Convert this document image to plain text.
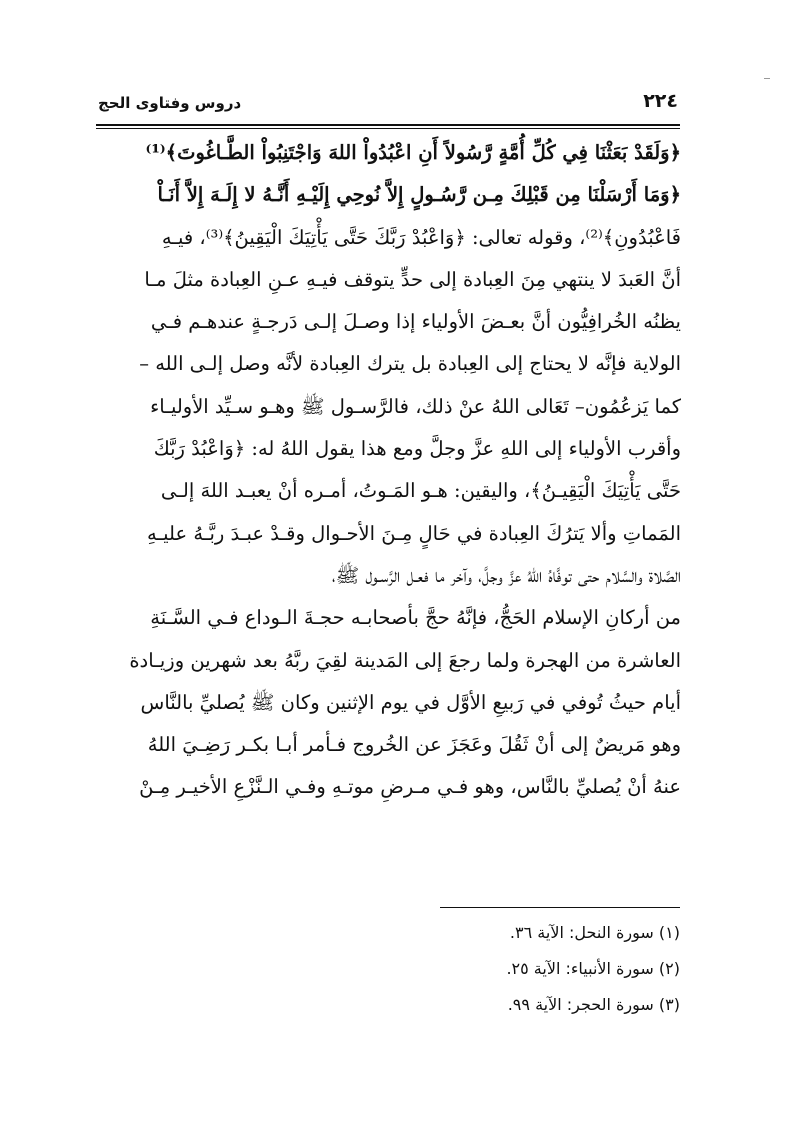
دروس وفتاوى الحج	٢٢٤
﴿وَلَقَدْ بَعَثْنَا فِي كُلِّ أُمَّةٍ رَّسُولاً أَنِ اعْبُدُواْ اللهَ وَاجْتَنِبُواْ الطَّـاغُوتَ﴾⁽¹⁾
﴿وَمَا أَرْسَلْنَا مِن قَبْلِكَ مِـن رَّسُـولٍ إِلاَّ نُوحِي إِلَيْـهِ أَنَّـهُ لا إِلَـهَ إِلاَّ أَنَـاْ
فَاعْبُدُونِ﴾⁽²⁾، وقوله تعالى: ﴿وَاعْبُدْ رَبَّكَ حَتَّى يَأْتِيَكَ الْيَقِينُ﴾⁽³⁾، فيـهِ
أنَّ العَبدَ لا ينتهي مِنَ العِبادة إلى حدٍّ يتوقف فيـهِ عـنِ العِبادة مثلَ مـا
يظنُه الخُرافِيُّون أنَّ بعـضَ الأولياء إذا وصـلَ إلـى دَرجـةٍ عندهـم فـي
الولاية فإنَّه لا يحتاج إلى العِبادة بل يترك العِبادة لأنَّه وصل إلـى الله –
كما يَزعُمُون– تَعَالى اللهُ عنْ ذلك، فالرَّسـول ﷺ وهـو سـيِّد الأوليـاء
وأقرب الأولياء إلى اللهِ عزَّ وجلَّ ومع هذا يقول اللهُ له: ﴿وَاعْبُدْ رَبَّكَ
حَتَّى يَأْتِيَكَ الْيَقِيـنُ﴾، واليقين: هـو المَـوتُ، أمـره أنْ يعبـد اللهَ إلـى
المَماتِ وألا يَترُكَ العِبادة في حَالٍ مِـنَ الأحـوال وقـدْ عبـدَ ربَّـهُ عليـهِ
الصَّلاة والسَّلام حتى توفَّاهُ اللهُ عزَّ وجلَّ، وآخر ما فعـل الرَّسـول ﷺ،
من أركانِ الإسلام الحَجُّ، فإنَّهُ حجَّ بأصحابـه حجـةَ الـوداع فـي السَّـنَةِ
العاشرة من الهجرة ولما رجعَ إلى المَدينة لقِيَ ربَّهُ بعد شهرين وزيـادة
أيام حيثُ تُوفي في رَبيعِ الأوَّل في يوم الإثنين وكان ﷺ يُصليِّ بالنَّاس
وهو مَريضٌ إلى أنْ ثَقُلَ وعَجَزَ عن الخُروج فـأمر أبـا بكـر رَضِـيَ اللهُ
عنهُ أنْ يُصليِّ بالنَّاس، وهو فـي مـرضِ موتـهِ وفـي الـنَّزْعِ الأخيـر مِـنْ
(١) سورة النحل: الآية ٣٦.
(٢) سورة الأنبياء: الآية ٢٥.
(٣) سورة الحجر: الآية ٩٩.
